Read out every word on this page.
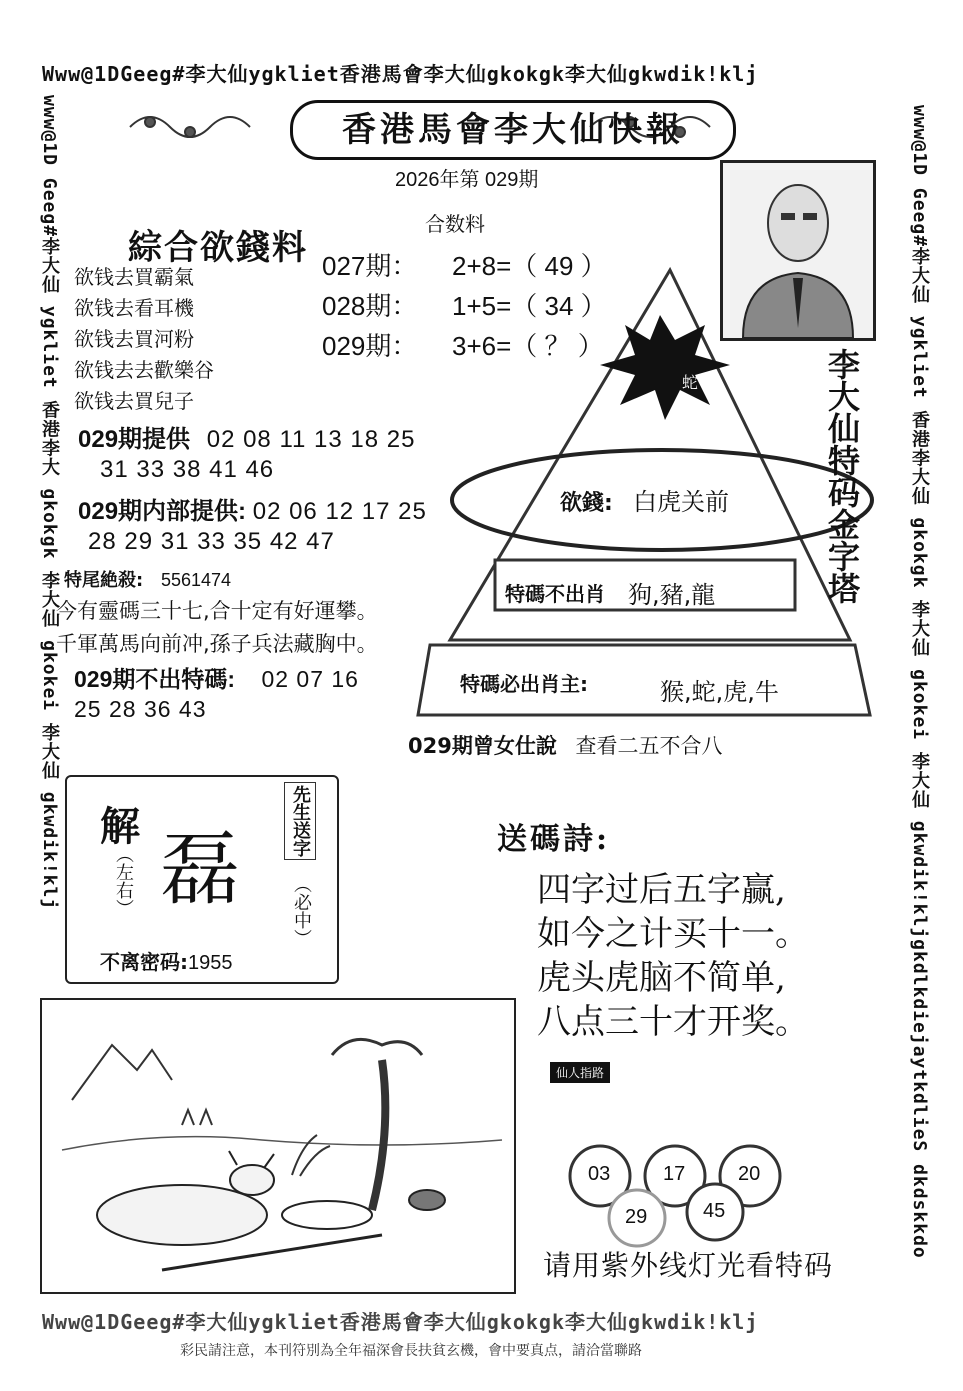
Www@1DGeeg#李大仙ygkliet香港馬會李大仙gkokgk李大仙gkwdik!klj
Www@1DGeeg#李大仙ygkliet香港馬會李大仙gkokgk李大仙gkwdik!klj
www@1D Geeg#李大仙 ygkliet 香港李大 gkokgk 李大仙 gkokei 李大仙 gkwdik!klj	www@1D Geeg#李大仙 ygkliet 香港李大仙 gkokgk 李大仙 gkokei 李大仙 gkwdik!kljgkdlkdiejaytkdlieS dkdskkdo
香港馬會李大仙快報
2026年第 029期
合数料
027期： 2+8=（ 49 ）
028期： 1+5=（ 34 ）
029期： 3+6=（ ？ ）
綜合欲錢料
欲钱去買霸氣
欲钱去看耳機
欲钱去買河粉
欲钱去去歡樂谷
欲钱去買兒子
蛇
欲錢: 白虎关前
特碼不出肖 狗,豬,龍
特碼必出肖主:	猴,蛇,虎,牛
李大仙特码金字塔
029期提供 02 08 11 13 18 25
31 33 38 41 46
029期内部提供: 02 06 12 17 25
28 29 31 33 35 42 47
特尾絶殺: 5561474
今有靈碼三十七,合十定有好運攀。
千軍萬馬向前冲,孫子兵法藏胸中。
029期不出特碼: 02 07 16
25 28 36 43
029期曾女仕說 查看二五不合八
解
（左右） 磊
先生送字
（必中）
不离密码:1955
送碼詩:
四字过后五字赢,
如今之计买十一。
虎头虎脑不简单,
八点三十才开奖。
仙人指路
03	17	20
29	45
请用紫外线灯光看特码
彩民請注意，本刊符別為全年福深會長扶貧玄機，會中要真点，請洽當聯路
